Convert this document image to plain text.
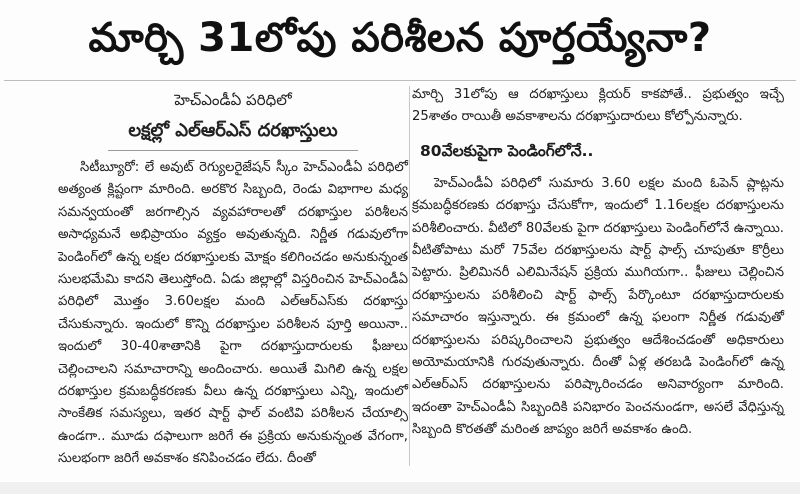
మార్చి 31లోపు పరిశీలన పూర్తయ్యేనా?
హెచ్‌ఎండీఏ పరిధిలో
లక్షల్లో ఎల్‌ఆర్‌ఎస్‌ దరఖాస్తులు

సిటీబ్యూరో: లే అవుట్‌ రెగ్యులరైజేషన్‌ స్కీం హెచ్‌ఎండీఏ పరిధిలో అత్యంత క్లిష్టంగా మారింది. అరకొర సిబ్బంది, రెండు విభాగాల మధ్య సమన్వయంతో జరగాల్సిన వ్యవహారాలతో దరఖాస్తుల పరిశీలన అసాధ్యమనే అభిప్రాయం వ్యక్తం అవుతున్నది. నిర్ణీత గడువులోగా పెండింగ్‌లో ఉన్న లక్షల దరఖాస్తులకు మోక్షం కలిగించడం అనుకున్నంత సులభమేమి కాదని తెలుస్తోంది. ఏడు జిల్లాల్లో విస్తరించిన హెచ్‌ఎండీఏ పరిధిలో మొత్తం 3.60లక్షల మంది ఎల్‌ఆర్‌ఎస్‌కు దరఖాస్తు చేసుకున్నారు. ఇందులో కొన్ని దరఖాస్తుల పరిశీలన పూర్తి అయినా.. ఇందులో 30-40శాతానికి పైగా దరఖాస్తుదారులకు ఫీజులు చెల్లించాలని సమాచారాన్ని అందించారు. అయితే మిగిలి ఉన్న లక్షల దరఖాస్తుల క్రమబద్ధీకరణకు వీలు ఉన్న దరఖాస్తులు ఎన్ని, ఇందులో సాంకేతిక సమస్యలు, ఇతర షార్ట్‌ ఫాల్‌ వంటివి పరిశీలన చేయాల్సి ఉండగా.. మూడు దఫాలుగా జరిగే ఈ ప్రక్రియ అనుకున్నంత వేగంగా, సులభంగా జరిగే అవకాశం కనిపించడం లేదు. దీంతో

మార్చి 31లోపు ఆ దరఖాస్తులు క్లియర్‌ కాకపోతే.. ప్రభుత్వం ఇచ్చే 25శాతం రాయితీ అవకాశాలను దరఖాస్తుదారులు కోల్పోనున్నారు.

80వేలకుపైగా పెండింగ్‌లోనే..

హెచ్‌ఎండీఏ పరిధిలో సుమారు 3.60 లక్షల మంది ఓపెన్‌ ప్లాట్లను క్రమబద్ధీకరణకు దరఖాస్తు చేసుకోగా, ఇందులో 1.16లక్షల దరఖాస్తులను పరిశీలించారు. వీటిలో 80వేలకు పైగా దరఖాస్తులు పెండింగ్‌లోనే ఉన్నాయి. వీటితోపాటు మరో 75వేల దరఖాస్తులను షార్ట్‌ ఫాల్స్‌ చూపుతూ కొర్రీలు పెట్టారు. ప్రిలిమినరీ ఎలిమినేషన్‌ ప్రక్రియ ముగియగా.. ఫీజులు చెల్లించిన దరఖాస్తులను పరిశీలించి షార్ట్‌ ఫాల్స్‌ పేర్కొంటూ దరఖాస్తుదారులకు సమాచారం ఇస్తున్నారు. ఈ క్రమంలో ఉన్న ఫలంగా నిర్ణీత గడువుతో దరఖాస్తులను పరిష్కరించాలని ప్రభుత్వం ఆదేశించడంతో అధికారులు అయోమయానికి గురవుతున్నారు. దీంతో ఏళ్ల తరబడి పెండింగ్‌లో ఉన్న ఎల్‌ఆర్‌ఎస్‌ దరఖాస్తులను పరిష్కారించడం అనివార్యంగా మారింది. ఇదంతా హెచ్‌ఎండీఏ సిబ్బందికి పనిభారం పెంచనుండగా, అసలే వేధిస్తున్న సిబ్బంది కొరతతో మరింత జాప్యం జరిగే అవకాశం ఉంది.
